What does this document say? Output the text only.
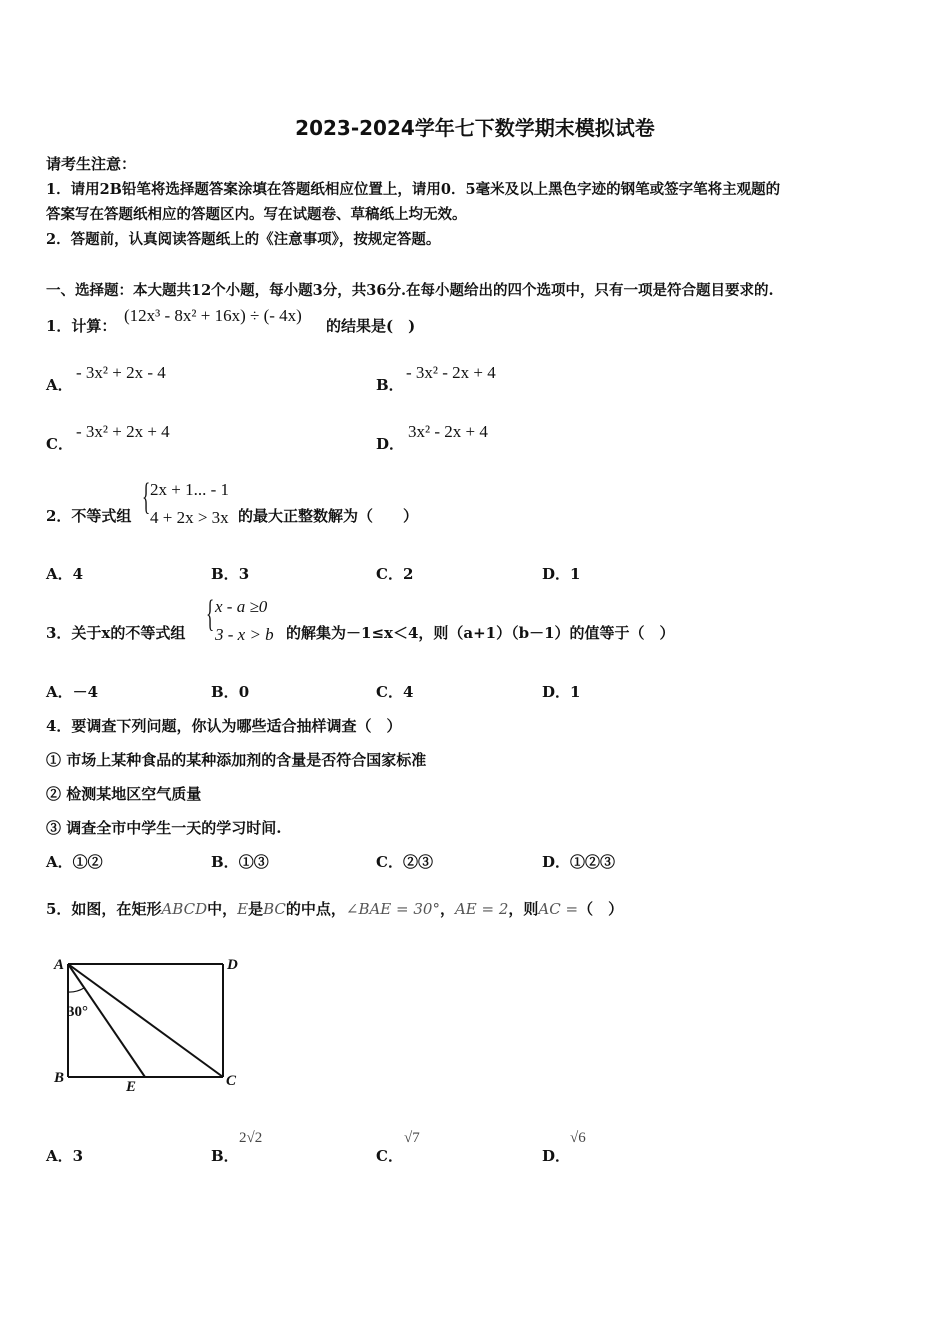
2023-2024学年七下数学期末模拟试卷
请考生注意：
1．请用2B铅笔将选择题答案涂填在答题纸相应位置上，请用0．5毫米及以上黑色字迹的钢笔或签字笔将主观题的
答案写在答题纸相应的答题区内。写在试题卷、草稿纸上均无效。
2．答题前，认真阅读答题纸上的《注意事项》，按规定答题。
一、选择题：本大题共12个小题，每小题3分，共36分.在每小题给出的四个选项中，只有一项是符合题目要求的.
1．计算：
(12x³ - 8x² + 16x) ÷ (- 4x)
的结果是(　)
A．
- 3x² + 2x - 4
B．
- 3x² - 2x + 4
C．
- 3x² + 2x + 4
D．
3x² - 2x + 4
2．不等式组 { 2x + 1... - 1
4 + 2x > 3x 的最大正整数解为（　　）
A．4	B．3	C．2	D．1
3．关于x的不等式组 { x - a ≥0
3 - x > b 的解集为－1≤x＜4，则（a+1）（b－1）的值等于（　）
A．－4	B．0	C．4	D．1
4．要调查下列问题，你认为哪些适合抽样调查（　）
① 市场上某种食品的某种添加剂的含量是否符合国家标准
② 检测某地区空气质量
③ 调查全市中学生一天的学习时间.
A．①②	B．①③	C．②③	D．①②③
5．如图，在矩形ABCD中，E是BC的中点，∠BAE = 30°，AE = 2，则AC =（　）
A	D
B	C
E
30°
A．3	B．
2√2
C．
√7
D．
√6
